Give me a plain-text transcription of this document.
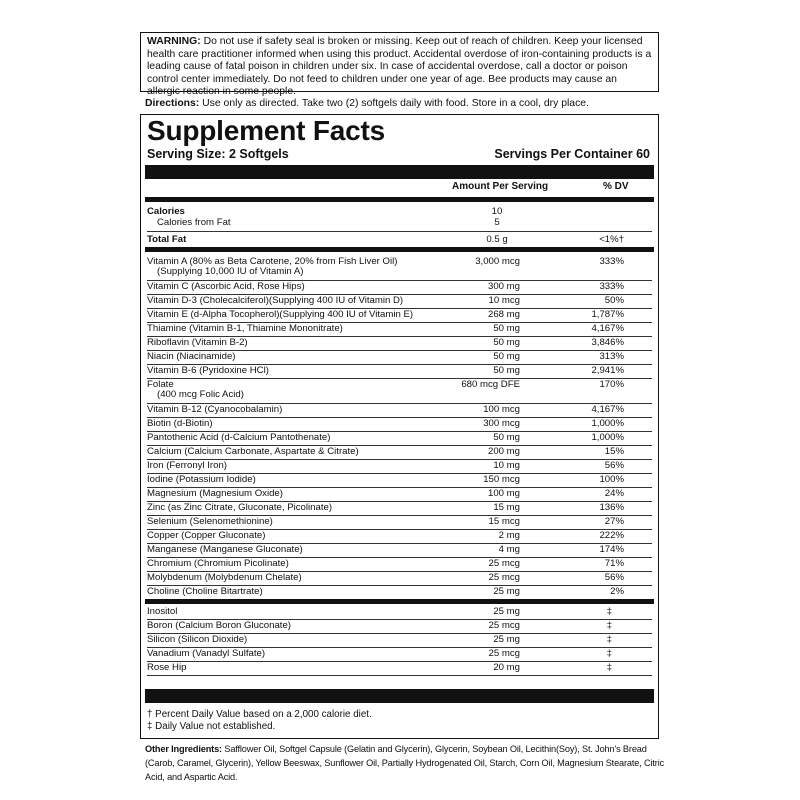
WARNING: Do not use if safety seal is broken or missing. Keep out of reach of children. Keep your licensed health care practitioner informed when using this product. Accidental overdose of iron-containing products is a leading cause of fatal poison in children under six. In case of accidental overdose, call a doctor or poison control center immediately. Do not feed to children under one year of age. Bee products may cause an allergic reaction in some people.
Directions: Use only as directed. Take two (2) softgels daily with food. Store in a cool, dry place.
Supplement Facts
Serving Size: 2 Softgels	Servings Per Container 60
Amount Per Serving	% DV
Calories	10
Calories from Fat	5
Total Fat	0.5 g	<1%†
† Percent Daily Value based on a 2,000 calorie diet.
‡ Daily Value not established.
Vitamin A (80% as Beta Carotene, 20% from Fish Liver Oil)	3,000 mcg	333%
(Supplying 10,000 IU of Vitamin A)
Vitamin C (Ascorbic Acid, Rose Hips)	300 mg	333%
Vitamin D-3 (Cholecalciferol)(Supplying 400 IU of Vitamin D)	10 mcg	50%
Vitamin E (d-Alpha Tocopherol)(Supplying 400 IU of Vitamin E)	268 mg	1,787%
Thiamine (Vitamin B-1, Thiamine Mononitrate)	50 mg	4,167%
Riboflavin (Vitamin B-2)	50 mg	3,846%
Niacin (Niacinamide)	50 mg	313%
Vitamin B-6 (Pyridoxine HCl)	50 mg	2,941%
Folate	680 mcg DFE	170%
(400 mcg Folic Acid)
Vitamin B-12 (Cyanocobalamin)	100 mcg	4,167%
Biotin (d-Biotin)	300 mcg	1,000%
Pantothenic Acid (d-Calcium Pantothenate)	50 mg	1,000%
Calcium (Calcium Carbonate, Aspartate & Citrate)	200 mg	15%
Iron (Ferronyl Iron)	10 mg	56%
Iodine (Potassium Iodide)	150 mcg	100%
Magnesium (Magnesium Oxide)	100 mg	24%
Zinc (as Zinc Citrate, Gluconate, Picolinate)	15 mg	136%
Selenium (Selenomethionine)	15 mcg	27%
Copper (Copper Gluconate)	2 mg	222%
Manganese (Manganese Gluconate)	4 mg	174%
Chromium (Chromium Picolinate)	25 mcg	71%
Molybdenum (Molybdenum Chelate)	25 mcg	56%
Choline (Choline Bitartrate)	25 mg	2%
Inositol	25 mg	‡
Boron (Calcium Boron Gluconate)	25 mcg	‡
Silicon (Silicon Dioxide)	25 mg	‡
Vanadium (Vanadyl Sulfate)	25 mcg	‡
Rose Hip	20 mg	‡
Other Ingredients: Safflower Oil, Softgel Capsule (Gelatin and Glycerin), Glycerin, Soybean Oil, Lecithin(Soy), St. John's Bread (Carob, Caramel, Glycerin), Yellow Beeswax, Sunflower Oil, Partially Hydrogenated Oil, Starch, Corn Oil, Magnesium Stearate, Citric Acid, and Aspartic Acid.
